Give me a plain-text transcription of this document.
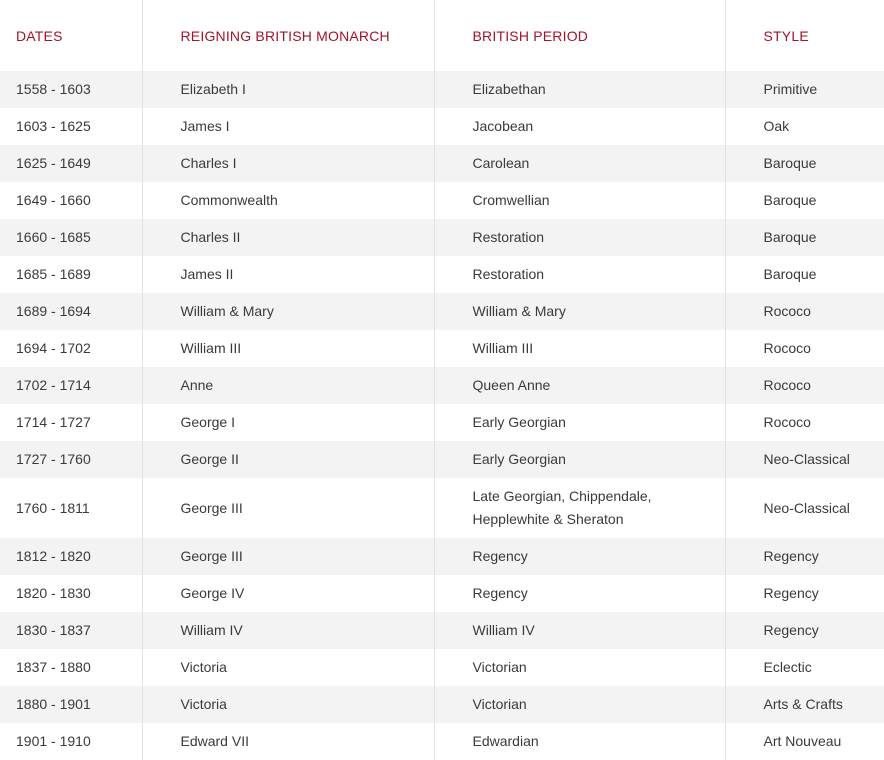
DATES	REIGNING BRITISH MONARCH	BRITISH PERIOD	STYLE
1558 - 1603	Elizabeth I	Elizabethan	Primitive
1603 - 1625	James I	Jacobean	Oak
1625 - 1649	Charles I	Carolean	Baroque
1649 - 1660	Commonwealth	Cromwellian	Baroque
1660 - 1685	Charles II	Restoration	Baroque
1685 - 1689	James II	Restoration	Baroque
1689 - 1694	William & Mary	William & Mary	Rococo
1694 - 1702	William III	William III	Rococo
1702 - 1714	Anne	Queen Anne	Rococo
1714 - 1727	George I	Early Georgian	Rococo
1727 - 1760	George II	Early Georgian	Neo-Classical
1760 - 1811	George III	Late Georgian, Chippendale,
Hepplewhite & Sheraton	Neo-Classical
1812 - 1820	George III	Regency	Regency
1820 - 1830	George IV	Regency	Regency
1830 - 1837	William IV	William IV	Regency
1837 - 1880	Victoria	Victorian	Eclectic
1880 - 1901	Victoria	Victorian	Arts & Crafts
1901 - 1910	Edward VII	Edwardian	Art Nouveau
